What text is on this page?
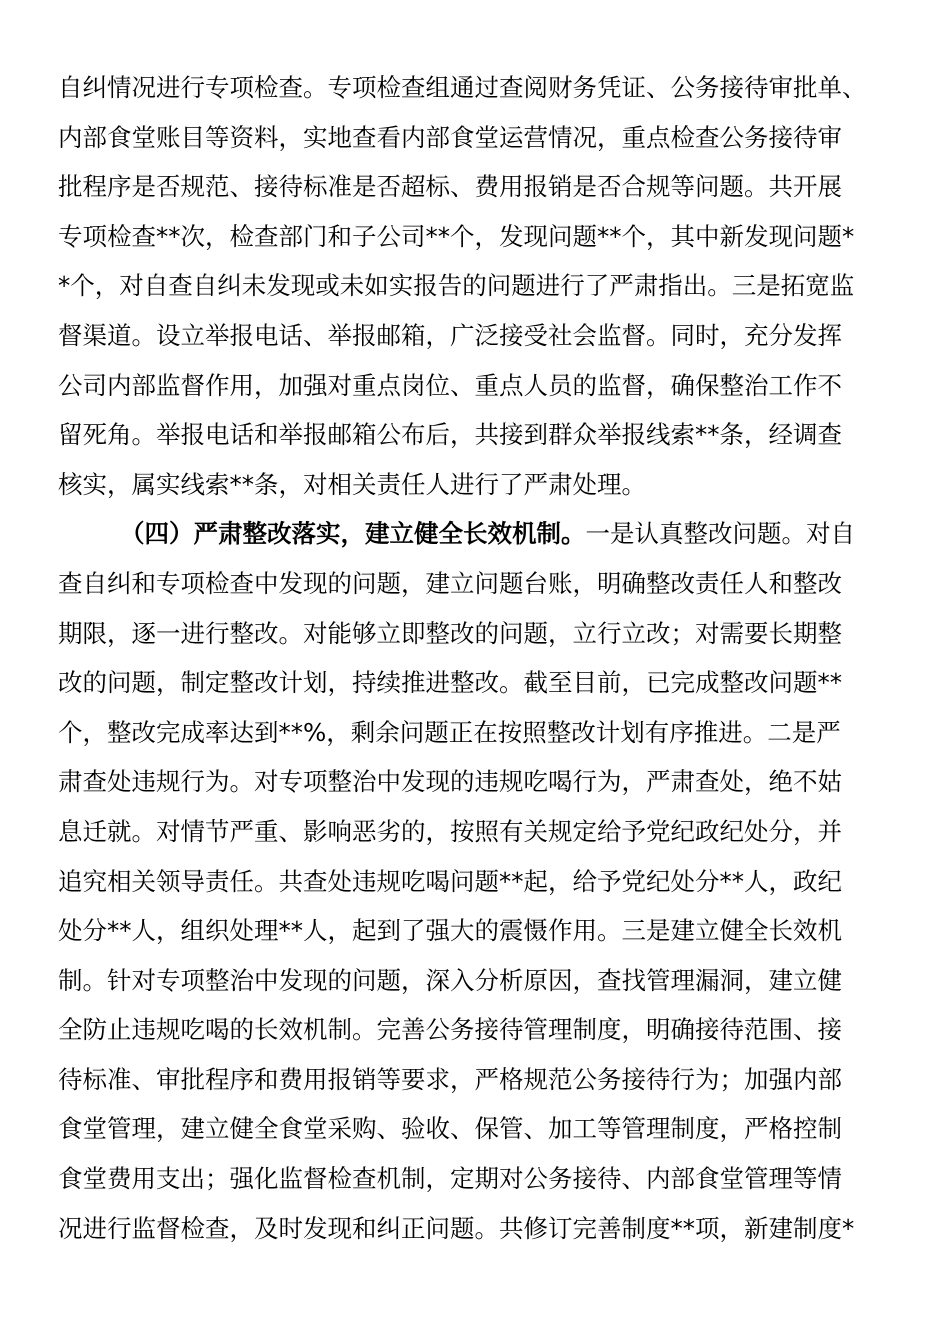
自纠情况进行专项检查。专项检查组通过查阅财务凭证、公务接待审批单、
内部食堂账目等资料，实地查看内部食堂运营情况，重点检查公务接待审
批程序是否规范、接待标准是否超标、费用报销是否合规等问题。共开展
专项检查**次，检查部门和子公司**个，发现问题**个，其中新发现问题*
*个，对自查自纠未发现或未如实报告的问题进行了严肃指出。三是拓宽监
督渠道。设立举报电话、举报邮箱，广泛接受社会监督。同时，充分发挥
公司内部监督作用，加强对重点岗位、重点人员的监督，确保整治工作不
留死角。举报电话和举报邮箱公布后，共接到群众举报线索**条，经调查
核实，属实线索**条，对相关责任人进行了严肃处理。
（四）严肃整改落实，建立健全长效机制。一是认真整改问题。对自
查自纠和专项检查中发现的问题，建立问题台账，明确整改责任人和整改
期限，逐一进行整改。对能够立即整改的问题，立行立改；对需要长期整
改的问题，制定整改计划，持续推进整改。截至目前，已完成整改问题**
个，整改完成率达到**%，剩余问题正在按照整改计划有序推进。二是严
肃查处违规行为。对专项整治中发现的违规吃喝行为，严肃查处，绝不姑
息迁就。对情节严重、影响恶劣的，按照有关规定给予党纪政纪处分，并
追究相关领导责任。共查处违规吃喝问题**起，给予党纪处分**人，政纪
处分**人，组织处理**人，起到了强大的震慑作用。三是建立健全长效机
制。针对专项整治中发现的问题，深入分析原因，查找管理漏洞，建立健
全防止违规吃喝的长效机制。完善公务接待管理制度，明确接待范围、接
待标准、审批程序和费用报销等要求，严格规范公务接待行为；加强内部
食堂管理，建立健全食堂采购、验收、保管、加工等管理制度，严格控制
食堂费用支出；强化监督检查机制，定期对公务接待、内部食堂管理等情
况进行监督检查，及时发现和纠正问题。共修订完善制度**项，新建制度*
